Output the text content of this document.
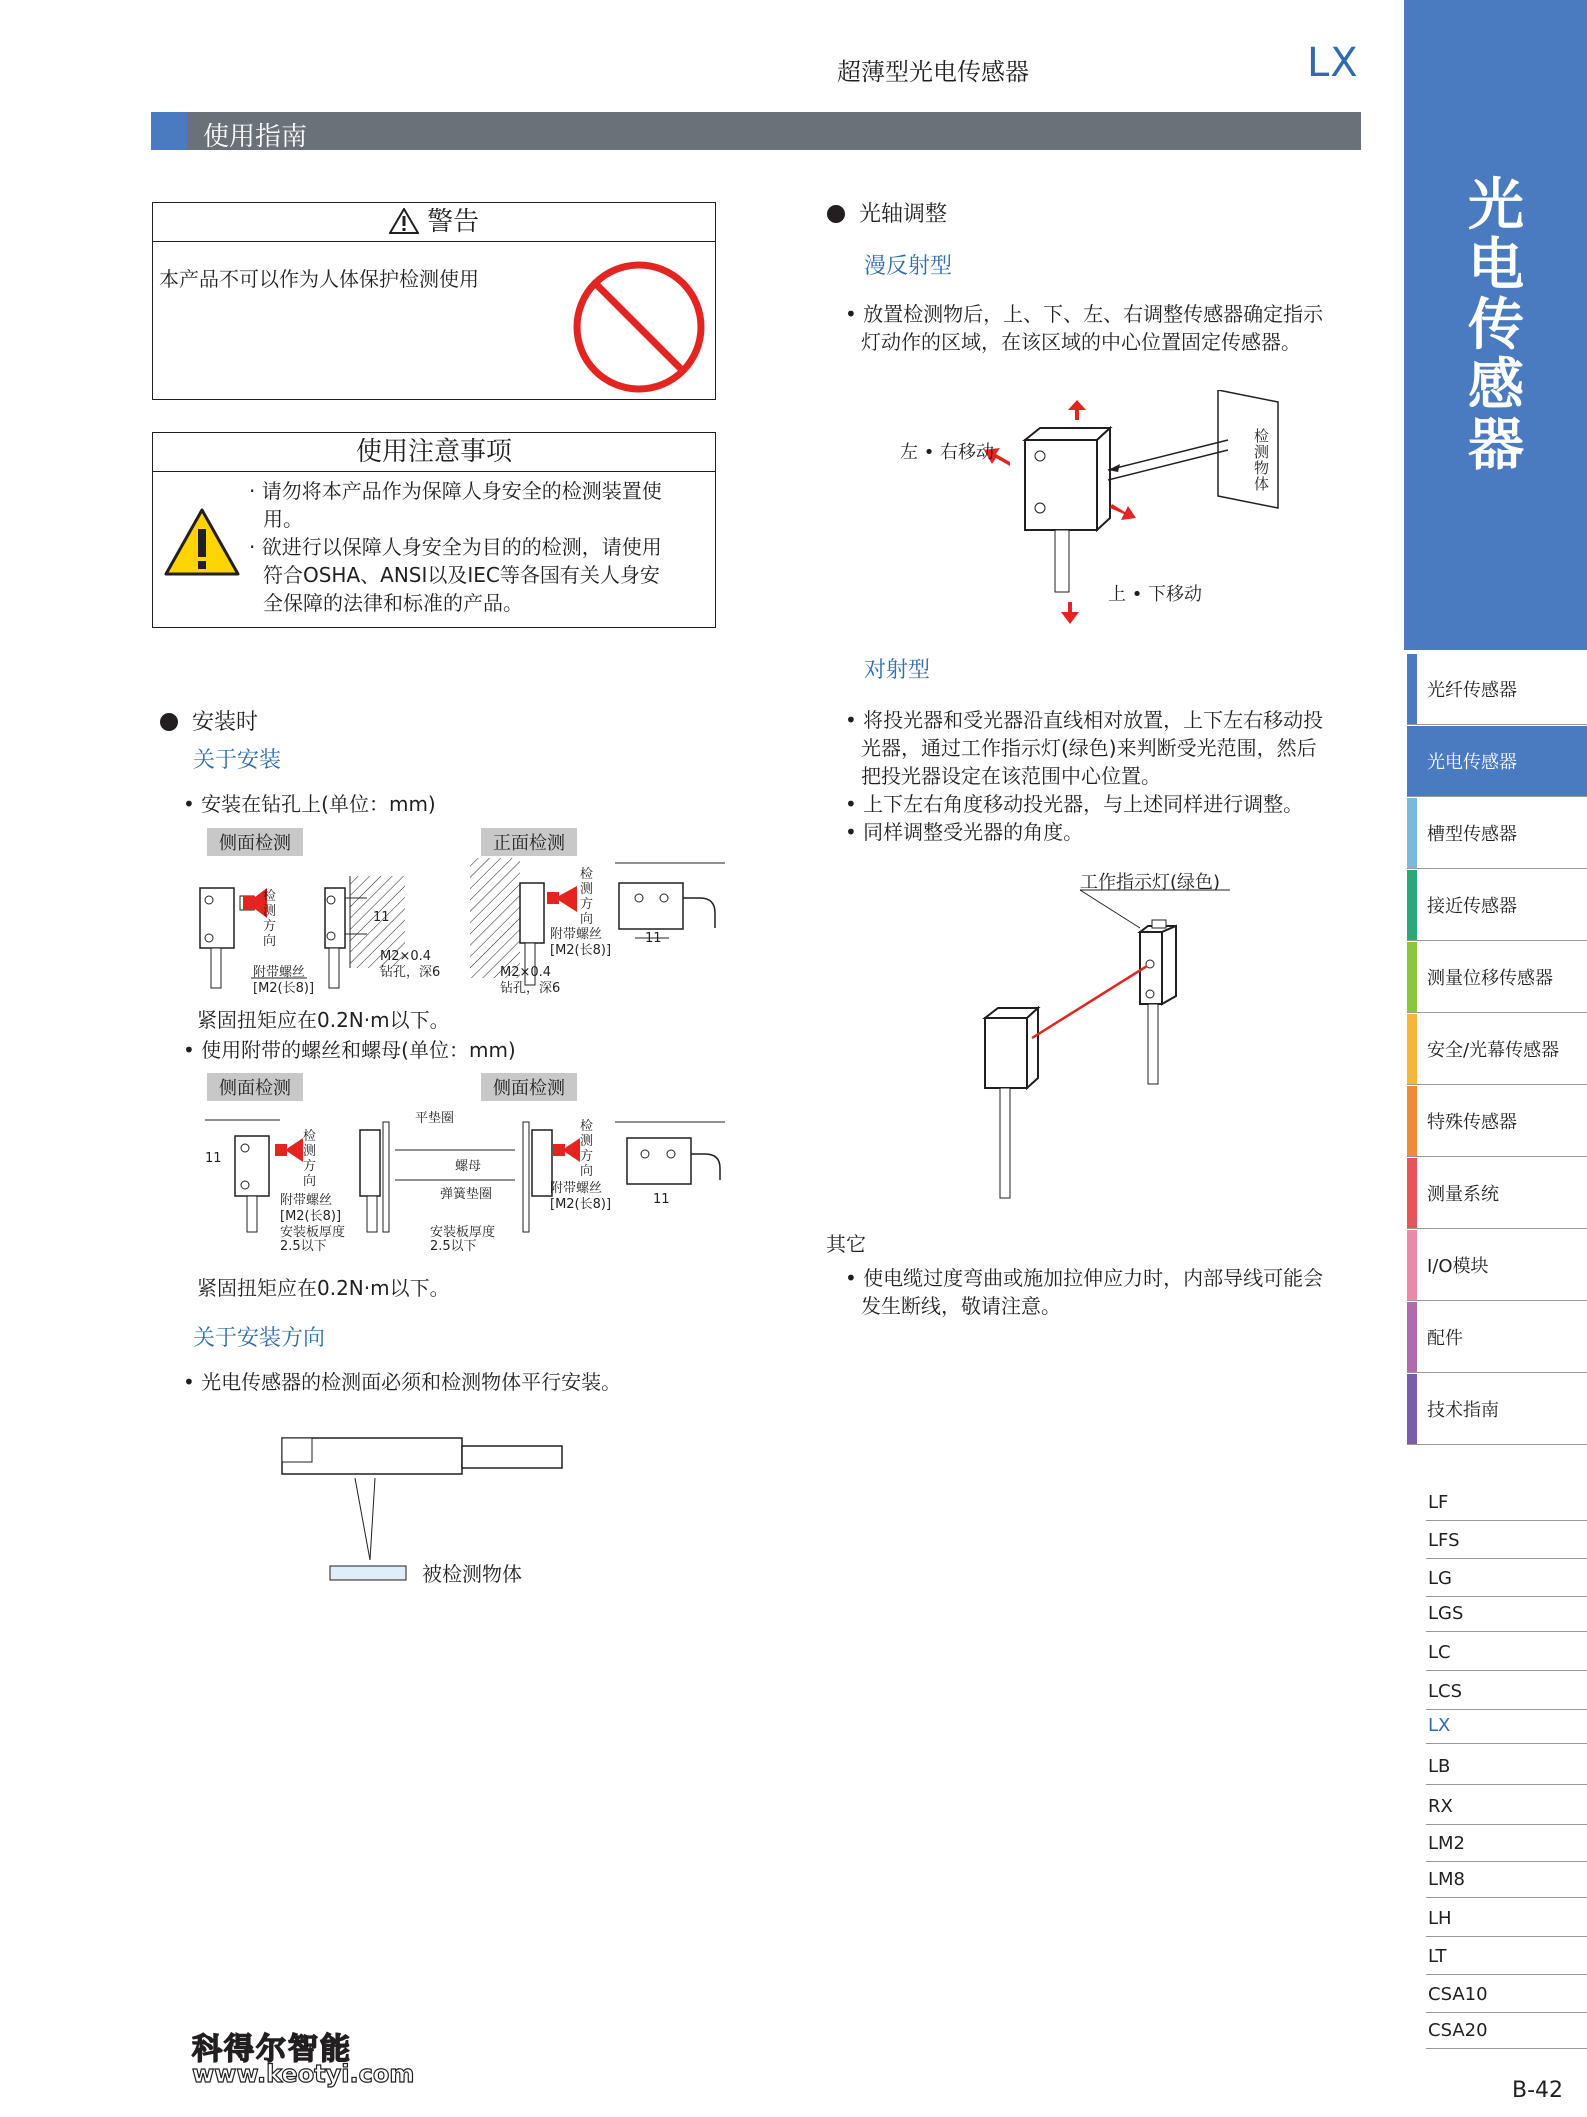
超薄型光电传感器	LX
使用指南
警告
本产品不可以作为人体保护检测使用
使用注意事项
· 请勿将本产品作为保障人身安全的检测装置使
用。
· 欲进行以保障人身安全为目的的检测，请使用
符合OSHA、ANSI以及IEC等各国有关人身安
全保障的法律和标准的产品。
安装时
关于安装
• 安装在钻孔上(单位：mm)
侧面检测	正面检测
检测方向
附带螺丝
[M2(长8)]
11
M2×0.4
钻孔，深6
检测方向
附带螺丝
[M2(长8)]
M2×0.4
钻孔，深6
11
紧固扭矩应在0.2N·m以下。
• 使用附带的螺丝和螺母(单位：mm)
侧面检测	侧面检测
检测方向
11
附带螺丝
[M2(长8)]
安装板厚度
2.5以下
平垫圈
螺母
弹簧垫圈
安装板厚度
2.5以下
检测方向
附带螺丝
[M2(长8)]	11
紧固扭矩应在0.2N·m以下。
关于安装方向
• 光电传感器的检测面必须和检测物体平行安装。
被检测物体
光轴调整
漫反射型
• 放置检测物后，上、下、左、右调整传感器确定指示
灯动作的区域，在该区域的中心位置固定传感器。
检
测
物
体
左 • 右移动
上 • 下移动
对射型
• 将投光器和受光器沿直线相对放置，上下左右移动投
光器，通过工作指示灯(绿色)来判断受光范围，然后
把投光器设定在该范围中心位置。
• 上下左右角度移动投光器，与上述同样进行调整。
• 同样调整受光器的角度。
工作指示灯(绿色)
其它
• 使电缆过度弯曲或施加拉伸应力时，内部导线可能会
发生断线，敬请注意。
光
电
传
感
器
光纤传感器
光电传感器
槽型传感器
接近传感器
测量位移传感器
安全/光幕传感器
特殊传感器
测量系统
I/O模块
配件
技术指南
LF
LFS
LG
LGS
LC
LCS
LX
LB
RX
LM2
LM8
LH
LT
CSA10
CSA20
科得尔智能
www.keotyi.com
B-42
